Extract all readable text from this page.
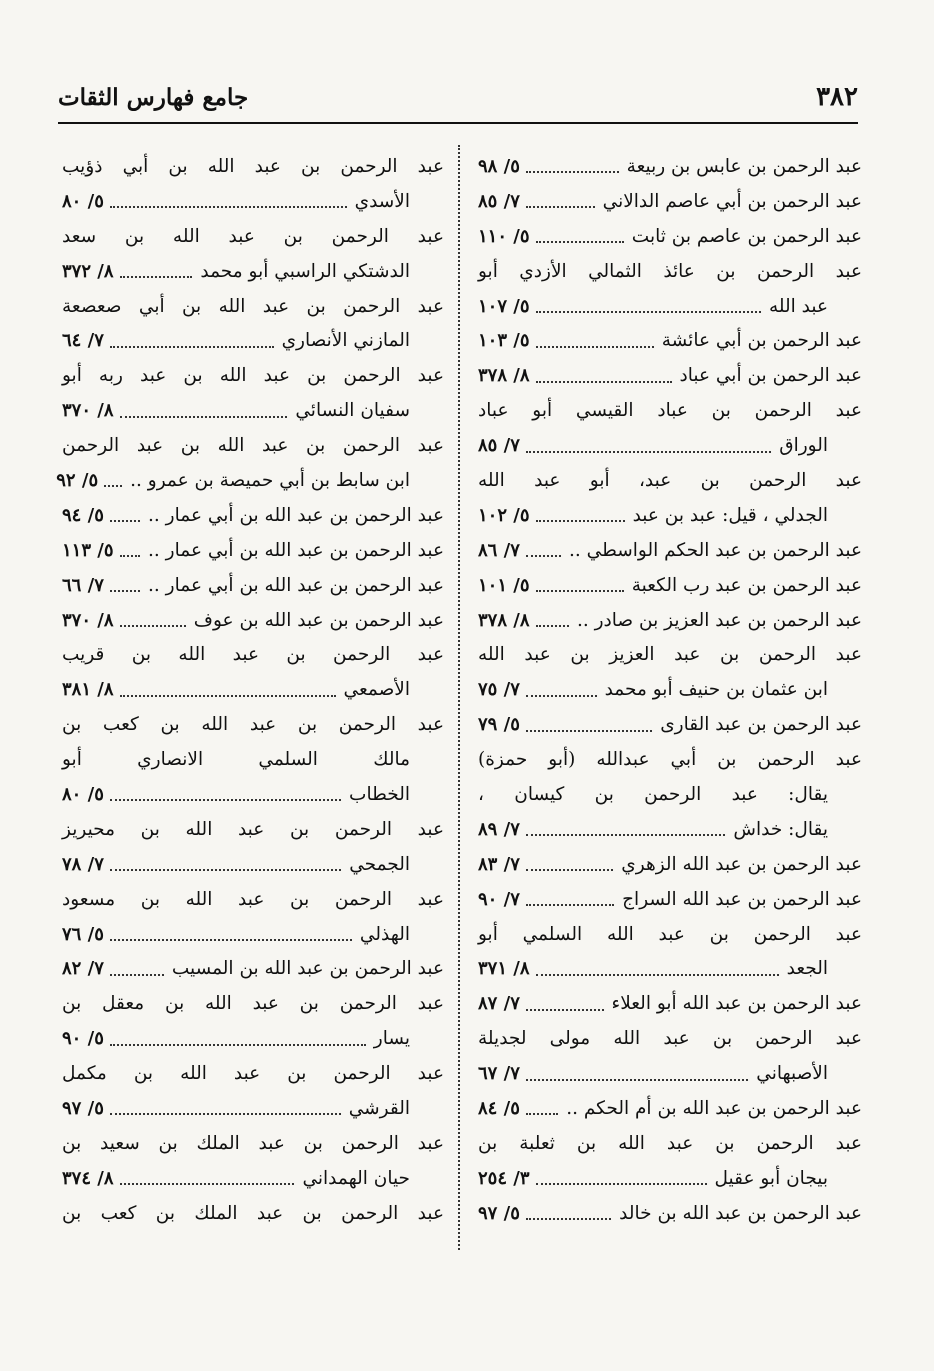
٣٨٢
جامع فهارس الثقات
عبد الرحمن بن عابس بن ربيعة
٥/ ٩٨
عبد الرحمن بن أبي عاصم الدالاني
٧/ ٨٥
عبد الرحمن بن عاصم بن ثابت
٥/ ١١٠
عبد الرحمن بن عائذ الثمالي الأزدي أبو
عبد الله
٥/ ١٠٧
عبد الرحمن بن أبي عائشة
٥/ ١٠٣
عبد الرحمن بن أبي عباد
٨/ ٣٧٨
عبد الرحمن بن عباد القيسي أبو عباد
الوراق
٧/ ٨٥
عبد الرحمن بن عبد، أبو عبد الله
الجدلي ، قيل: عبد بن عبد
٥/ ١٠٢
عبد الرحمن بن عبد الحكم الواسطي ..
٧/ ٨٦
عبد الرحمن بن عبد رب الكعبة
٥/ ١٠١
عبد الرحمن بن عبد العزيز بن صادر ..
٨/ ٣٧٨
عبد الرحمن بن عبد العزيز بن عبد الله
ابن عثمان بن حنيف أبو محمد
٧/ ٧٥
عبد الرحمن بن عبد القارى
٥/ ٧٩
عبد الرحمن بن أبي عبدالله (أبو حمزة)
يقال: عبد الرحمن بن كيسان ،
يقال: خداش
٧/ ٨٩
عبد الرحمن بن عبد الله الزهري
٧/ ٨٣
عبد الرحمن بن عبد الله السراج
٧/ ٩٠
عبد الرحمن بن عبد الله السلمي أبو
الجعد
٨/ ٣٧١
عبد الرحمن بن عبد الله أبو العلاء
٧/ ٨٧
عبد الرحمن بن عبد الله مولى لجديلة
الأصبهاني
٧/ ٦٧
عبد الرحمن بن عبد الله بن أم الحكم ..
٥/ ٨٤
عبد الرحمن بن عبد الله بن ثعلبة بن
بيجان أبو عقيل
٣/ ٢٥٤
عبد الرحمن بن عبد الله بن خالد
٥/ ٩٧
عبد الرحمن بن عبد الله بن أبي ذؤيب
الأسدي
٥/ ٨٠
عبد الرحمن بن عبد الله بن سعد
الدشتكي الراسبي أبو محمد
٨/ ٣٧٢
عبد الرحمن بن عبد الله بن أبي صعصعة
المازني الأنصاري
٧/ ٦٤
عبد الرحمن بن عبد الله بن عبد ربه أبو
سفيان النسائي
٨/ ٣٧٠
عبد الرحمن بن عبد الله بن عبد الرحمن
ابن سابط بن أبي حميصة بن عمرو ..
٥/ ٩٢
عبد الرحمن بن عبد الله بن أبي عمار ..
٥/ ٩٤
عبد الرحمن بن عبد الله بن أبي عمار ..
٥/ ١١٣
عبد الرحمن بن عبد الله بن أبي عمار ..
٧/ ٦٦
عبد الرحمن بن عبد الله بن عوف
٨/ ٣٧٠
عبد الرحمن بن عبد الله بن قريب
الأصمعي
٨/ ٣٨١
عبد الرحمن بن عبد الله بن كعب بن
مالك السلمي الانصاري أبو
الخطاب
٥/ ٨٠
عبد الرحمن بن عبد الله بن محيريز
الجمحي
٧/ ٧٨
عبد الرحمن بن عبد الله بن مسعود
الهذلي
٥/ ٧٦
عبد الرحمن بن عبد الله بن المسيب
٧/ ٨٢
عبد الرحمن بن عبد الله بن معقل بن
يسار
٥/ ٩٠
عبد الرحمن بن عبد الله بن مكمل
القرشي
٥/ ٩٧
عبد الرحمن بن عبد الملك بن سعيد بن
حيان الهمداني
٨/ ٣٧٤
عبد الرحمن بن عبد الملك بن كعب بن
